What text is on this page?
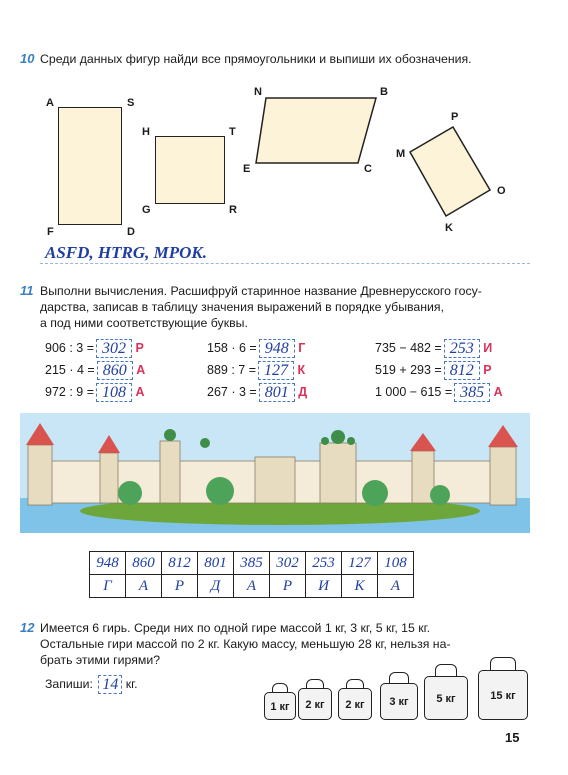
10 Среди данных фигур найди все прямоугольники и выпиши их обозначения.
A	S
F	D
H	T
G	R
N	B
E	C
P
M
O
K
ASFD, HTRG, MPOK.
11 Выполни вычисления. Расшифруй старинное название Древнерусского госу-
дарства, записав в таблицу значения выражений в порядке убывания,
а под ними соответствующие буквы.
906 : 3 = 302 Р
215 · 4 = 860 А
972 : 9 = 108 А
158 · 6 = 948 Г
889 : 7 = 127 К
267 · 3 = 801 Д
735 − 482 = 253 И
519 + 293 = 812 Р
1 000 − 615 = 385 А
948	860	812	801	385	302	253	127	108
Г	А	Р	Д	А	Р	И	К	А
12 Имеется 6 гирь. Среди них по одной гире массой 1 кг, 3 кг, 5 кг, 15 кг.
Остальные гири массой по 2 кг. Какую массу, меньшую 28 кг, нельзя на-
брать этими гирями?
Запиши: 14 кг.
1 кг	2 кг	2 кг	3 кг	5 кг	15 кг
15
